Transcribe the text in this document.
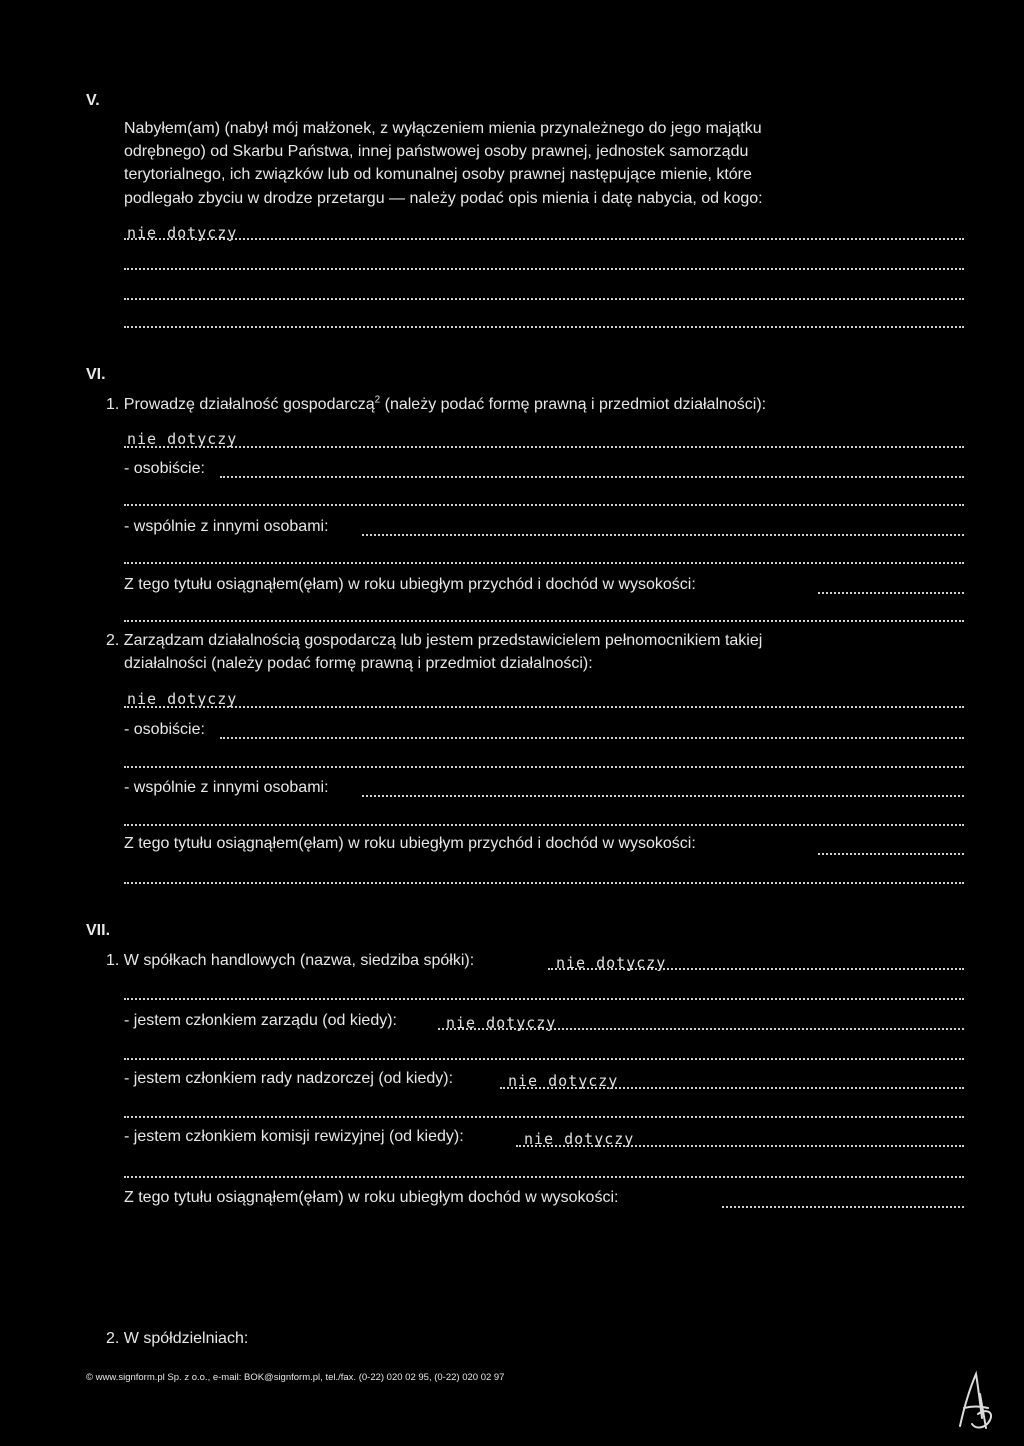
V.
Nabyłem(am) (nabył mój małżonek, z wyłączeniem mienia przynależnego do jego majątku
odrębnego) od Skarbu Państwa, innej państwowej osoby prawnej, jednostek samorządu
terytorialnego, ich związków lub od komunalnej osoby prawnej następujące mienie, które
podlegało zbyciu w drodze przetargu — należy podać opis mienia i datę nabycia, od kogo:
nie dotyczy
VI.
1. Prowadzę działalność gospodarczą$^2$ (należy podać formę prawną i przedmiot działalności):
nie dotyczy
- osobiście:
- wspólnie z innymi osobami:
Z tego tytułu osiągnąłem(ęłam) w roku ubiegłym przychód i dochód w wysokości:
2. Zarządzam działalnością gospodarczą lub jestem przedstawicielem pełnomocnikiem takiej
działalności (należy podać formę prawną i przedmiot działalności):
nie dotyczy
- osobiście:
- wspólnie z innymi osobami:
Z tego tytułu osiągnąłem(ęłam) w roku ubiegłym przychód i dochód w wysokości:
VII.
1. W spółkach handlowych (nazwa, siedziba spółki):	nie dotyczy
- jestem członkiem zarządu (od kiedy):	nie dotyczy
- jestem członkiem rady nadzorczej (od kiedy):	nie dotyczy
- jestem członkiem komisji rewizyjnej (od kiedy):	nie dotyczy
Z tego tytułu osiągnąłem(ęłam) w roku ubiegłym dochód w wysokości:
2. W spółdzielniach:
© www.signform.pl Sp. z o.o., e-mail: BOK@signform.pl, tel./fax. (0-22) 020 02 95, (0-22) 020 02 97
